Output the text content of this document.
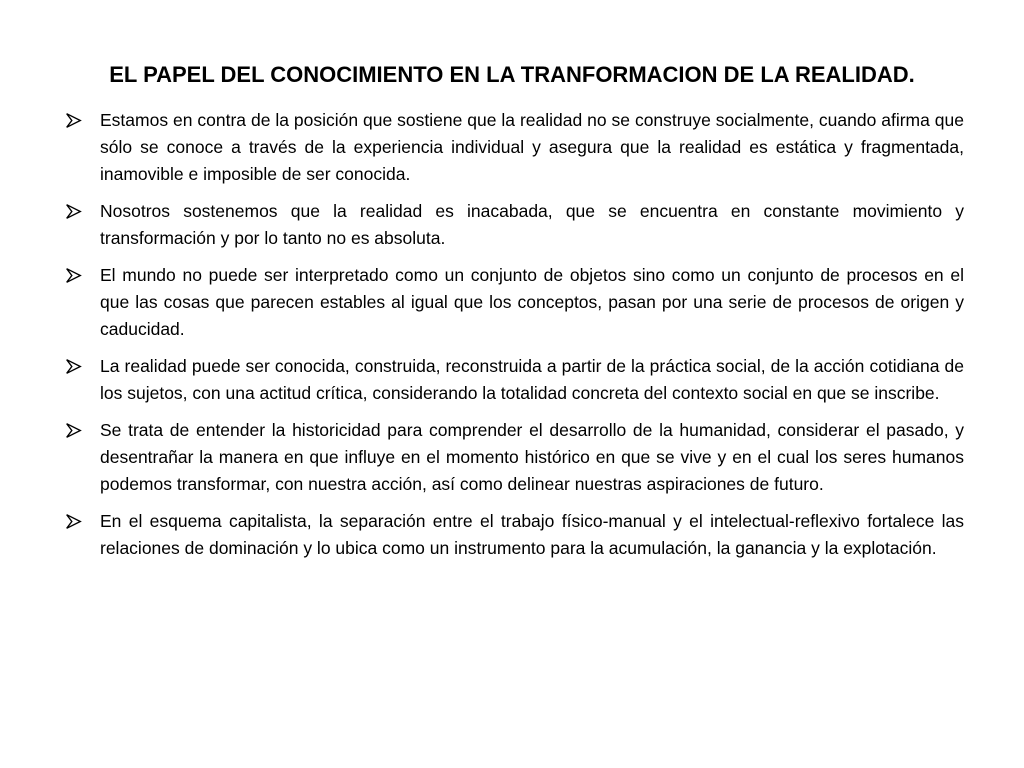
EL PAPEL DEL CONOCIMIENTO EN LA TRANFORMACION DE LA REALIDAD.
Estamos en contra de la posición que sostiene que la realidad no se construye socialmente, cuando afirma que sólo se conoce a través de la experiencia individual y asegura que la realidad es estática y fragmentada, inamovible e imposible de ser conocida.
Nosotros sostenemos que la realidad es inacabada, que se encuentra en constante movimiento y transformación y por lo tanto no es absoluta.
El mundo no puede ser interpretado como un conjunto de objetos sino como un conjunto de procesos en el que las cosas que parecen estables al igual que los conceptos, pasan por una serie de procesos de origen y caducidad.
La realidad puede ser conocida, construida, reconstruida a partir de la práctica social, de la acción cotidiana de los sujetos, con una actitud crítica, considerando la totalidad concreta del contexto social en que se inscribe.
Se trata de entender la historicidad para comprender el desarrollo de la humanidad, considerar el pasado, y desentrañar la manera en que influye en el momento histórico en que se vive y en el cual los seres humanos podemos transformar, con nuestra acción, así como delinear nuestras aspiraciones de futuro.
En el esquema capitalista, la separación entre el trabajo físico-manual y el intelectual-reflexivo fortalece las relaciones de dominación y lo ubica como un instrumento para la acumulación, la ganancia y la explotación.
